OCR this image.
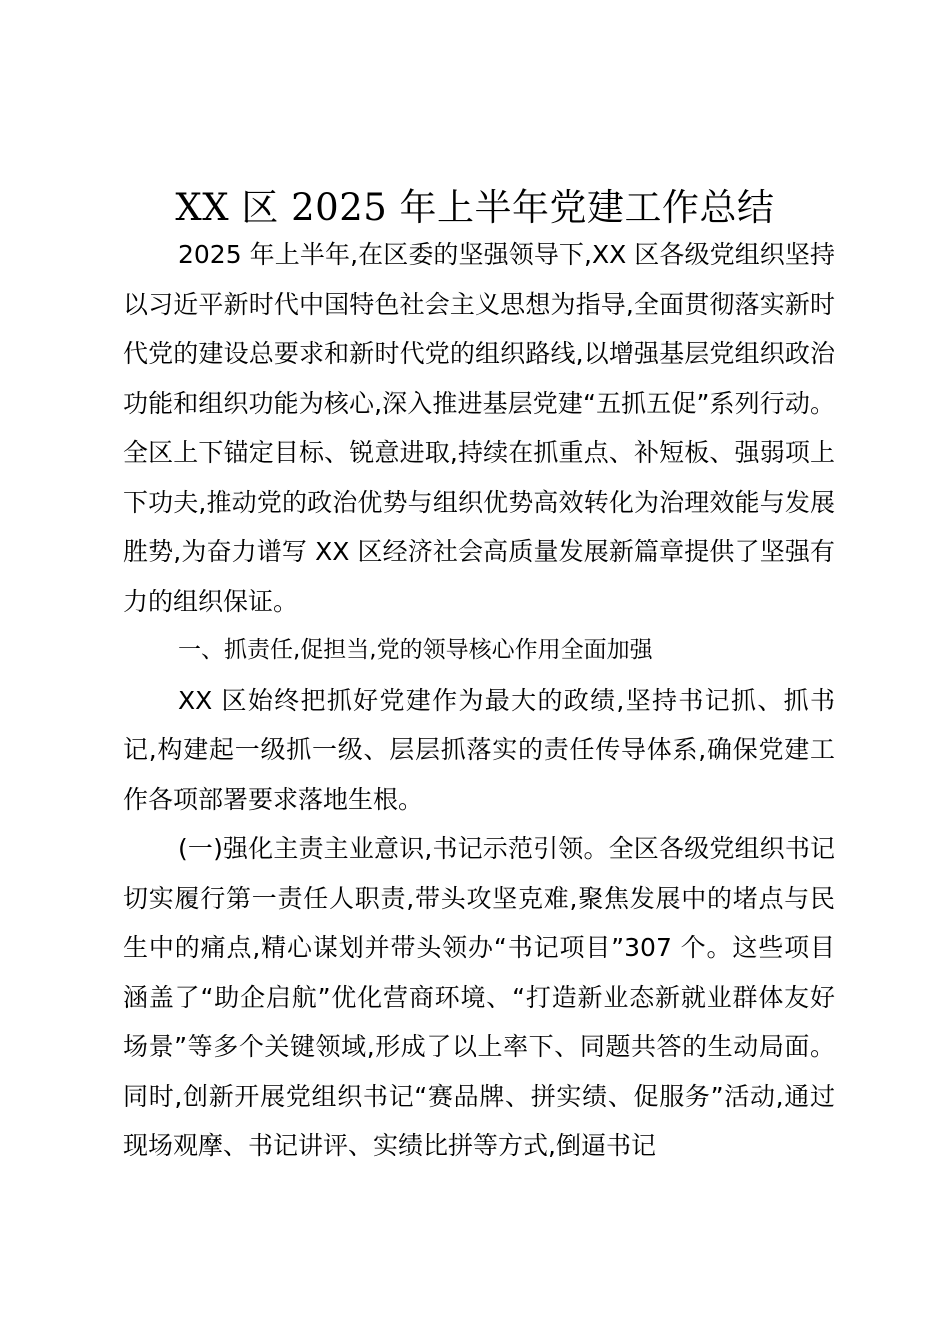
XX 区 2025 年上半年党建工作总结

2025 年上半年,在区委的坚强领导下,XX 区各级党组织坚持以习近平新时代中国特色社会主义思想为指导,全面贯彻落实新时代党的建设总要求和新时代党的组织路线,以增强基层党组织政治功能和组织功能为核心,深入推进基层党建“五抓五促”系列行动。全区上下锚定目标、锐意进取,持续在抓重点、补短板、强弱项上下功夫,推动党的政治优势与组织优势高效转化为治理效能与发展胜势,为奋力谱写 XX 区经济社会高质量发展新篇章提供了坚强有力的组织保证。

一、抓责任,促担当,党的领导核心作用全面加强

XX 区始终把抓好党建作为最大的政绩,坚持书记抓、抓书记,构建起一级抓一级、层层抓落实的责任传导体系,确保党建工作各项部署要求落地生根。

(一)强化主责主业意识,书记示范引领。全区各级党组织书记切实履行第一责任人职责,带头攻坚克难,聚焦发展中的堵点与民生中的痛点,精心谋划并带头领办“书记项目”307 个。这些项目涵盖了“助企启航”优化营商环境、“打造新业态新就业群体友好场景”等多个关键领域,形成了以上率下、同题共答的生动局面。同时,创新开展党组织书记“赛品牌、拼实绩、促服务”活动,通过现场观摩、书记讲评、实绩比拼等方式,倒逼书记
